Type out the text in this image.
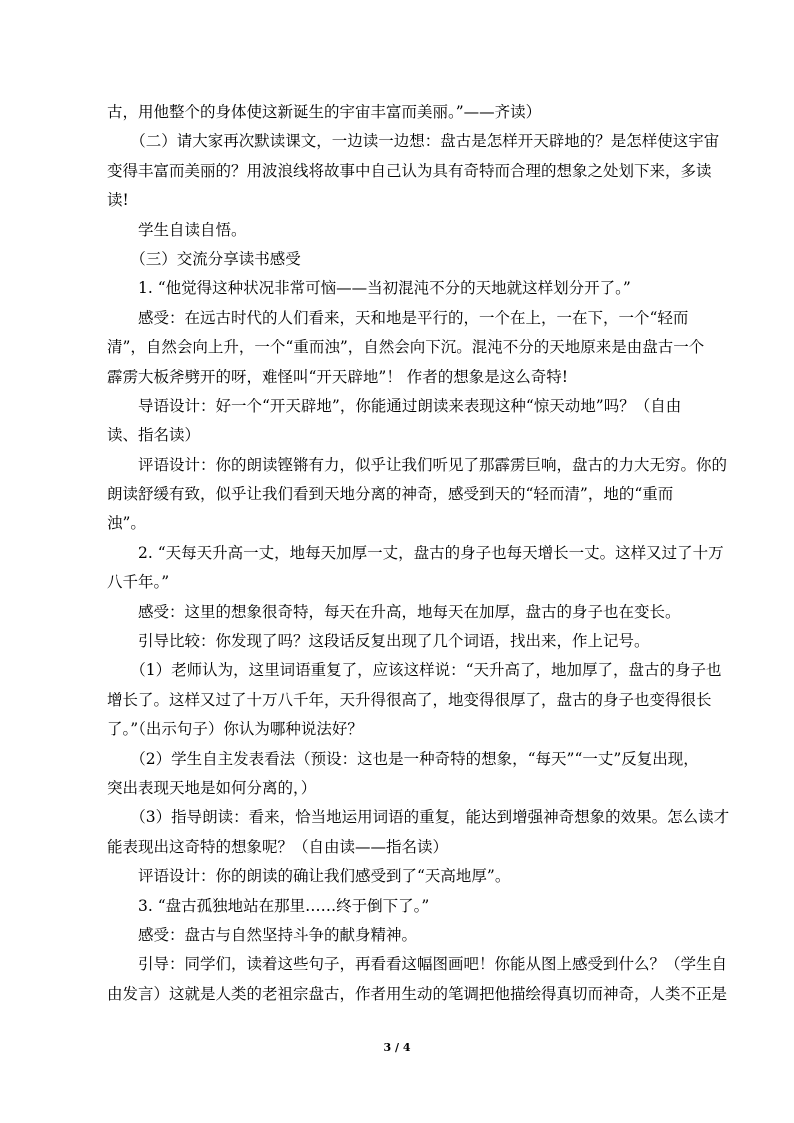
古，用他整个的身体使这新诞生的宇宙丰富而美丽。”——齐读）
　　（二）请大家再次默读课文，一边读一边想：盘古是怎样开天辟地的？是怎样使这宇宙
变得丰富而美丽的？用波浪线将故事中自己认为具有奇特而合理的想象之处划下来，多读
读!
　　学生自读自悟。
　　（三）交流分享读书感受
　　1. “他觉得这种状况非常可恼——当初混沌不分的天地就这样划分开了。”
　　感受：在远古时代的人们看来，天和地是平行的，一个在上，一在下，一个“轻而
清”，自然会向上升，一个“重而浊”，自然会向下沉。混沌不分的天地原来是由盘古一个
霹雳大板斧劈开的呀，难怪叫“开天辟地”！ 作者的想象是这么奇特!
　　导语设计：好一个“开天辟地”，你能通过朗读来表现这种“惊天动地”吗？（自由
读、指名读）
　　评语设计：你的朗读铿锵有力，似乎让我们听见了那霹雳巨响，盘古的力大无穷。你的
朗读舒缓有致，似乎让我们看到天地分离的神奇，感受到天的“轻而清”，地的“重而
浊”。
　　2. “天每天升高一丈，地每天加厚一丈，盘古的身子也每天增长一丈。这样又过了十万
八千年。”
　　感受：这里的想象很奇特，每天在升高，地每天在加厚，盘古的身子也在变长。
　　引导比较：你发现了吗？这段话反复出现了几个词语，找出来，作上记号。
　　（1）老师认为，这里词语重复了，应该这样说：“天升高了，地加厚了，盘古的身子也
增长了。这样又过了十万八千年，天升得很高了，地变得很厚了，盘古的身子也变得很长
了。”（出示句子）你认为哪种说法好？
　　（2）学生自主发表看法（预设：这也是一种奇特的想象，“每天”“一丈”反复出现，
突出表现天地是如何分离的，）
　　（3）指导朗读：看来，恰当地运用词语的重复，能达到增强神奇想象的效果。怎么读才
能表现出这奇特的想象呢？（自由读——指名读）
　　评语设计：你的朗读的确让我们感受到了“天高地厚”。
　　3. “盘古孤独地站在那里……终于倒下了。”
　　感受：盘古与自然坚持斗争的献身精神。
　　引导：同学们，读着这些句子，再看看这幅图画吧！你能从图上感受到什么？（学生自
由发言）这就是人类的老祖宗盘古，作者用生动的笔调把他描绘得真切而神奇，人类不正是
3 / 4
